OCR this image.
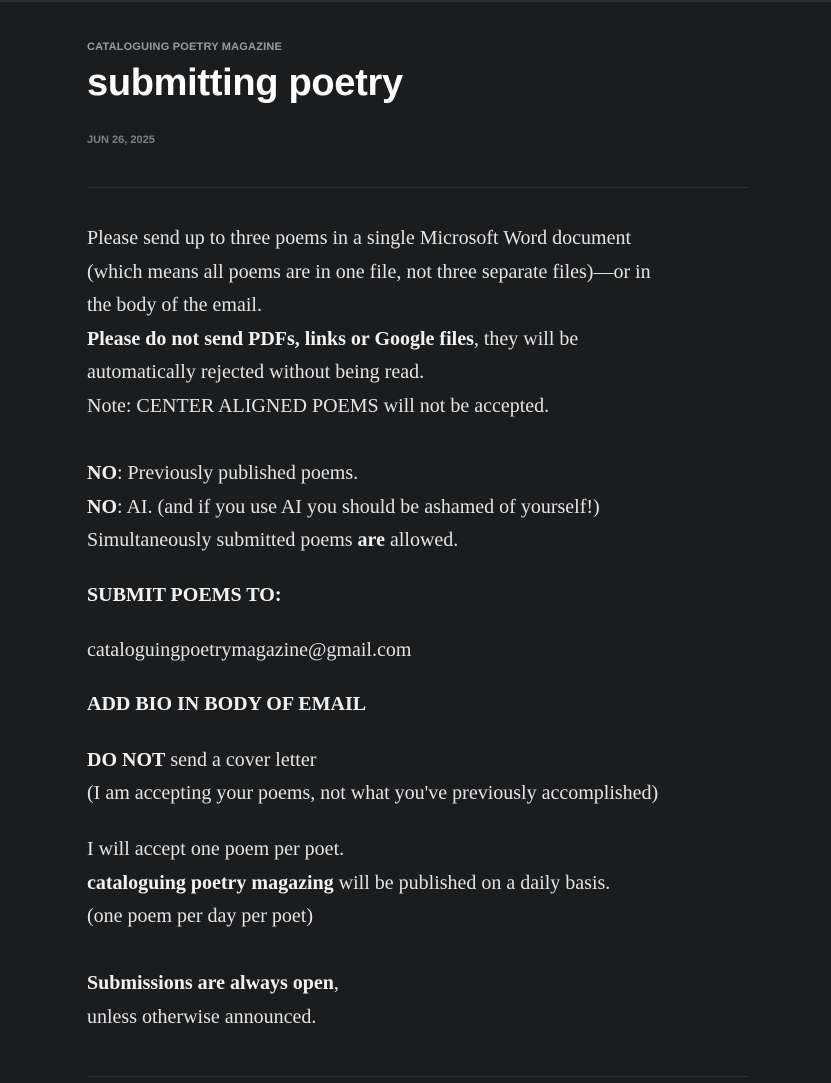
CATALOGUING POETRY MAGAZINE
submitting poetry
JUN 26, 2025

Please send up to three poems in a single Microsoft Word document

(which means all poems are in one file, not three separate files)—or in

the body of the email.

Please do not send PDFs, links or Google files, they will be

automatically rejected without being read.

Note: CENTER ALIGNED POEMS will not be accepted.

NO: Previously published poems.

NO: AI. (and if you use AI you should be ashamed of yourself!)

Simultaneously submitted poems are allowed.

SUBMIT POEMS TO:

cataloguingpoetrymagazine@gmail.com

ADD BIO IN BODY OF EMAIL

DO NOT send a cover letter

(I am accepting your poems, not what you've previously accomplished)

I will accept one poem per poet.

cataloguing poetry magazing will be published on a daily basis.

(one poem per day per poet)

Submissions are always open,

unless otherwise announced.
